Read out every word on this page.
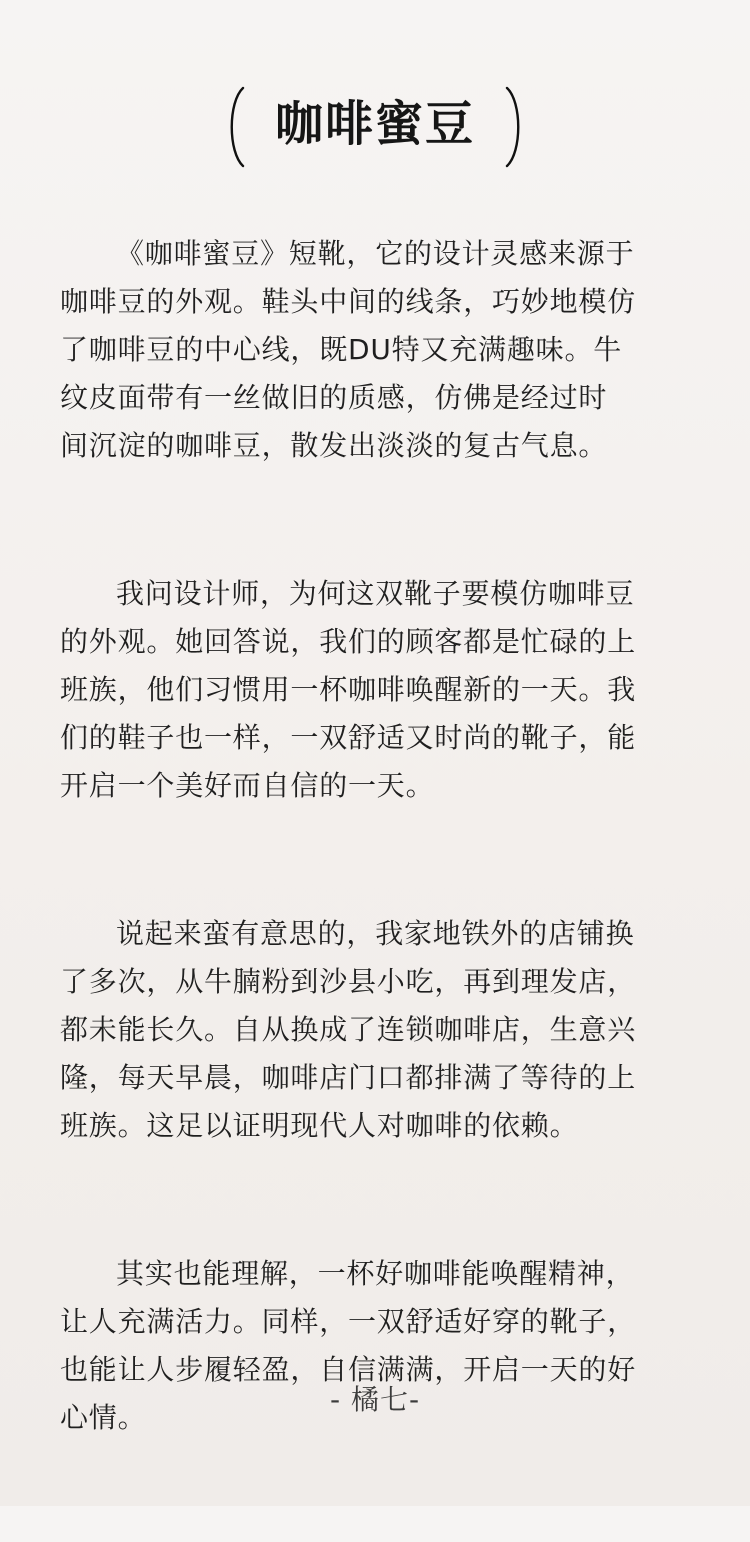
咖啡蜜豆
《咖啡蜜豆》短靴，它的设计灵感来源于
咖啡豆的外观。鞋头中间的线条，巧妙地模仿
了咖啡豆的中心线，既DU特又充满趣味。牛
纹皮面带有一丝做旧的质感，仿佛是经过时
间沉淀的咖啡豆，散发出淡淡的复古气息。
我问设计师，为何这双靴子要模仿咖啡豆
的外观。她回答说，我们的顾客都是忙碌的上
班族，他们习惯用一杯咖啡唤醒新的一天。我
们的鞋子也一样，一双舒适又时尚的靴子，能
开启一个美好而自信的一天。
说起来蛮有意思的，我家地铁外的店铺换
了多次，从牛腩粉到沙县小吃，再到理发店，
都未能长久。自从换成了连锁咖啡店，生意兴
隆，每天早晨，咖啡店门口都排满了等待的上
班族。这足以证明现代人对咖啡的依赖。
其实也能理解，一杯好咖啡能唤醒精神，
让人充满活力。同样，一双舒适好穿的靴子，
也能让人步履轻盈，自信满满，开启一天的好
心情。
- 橘七-
